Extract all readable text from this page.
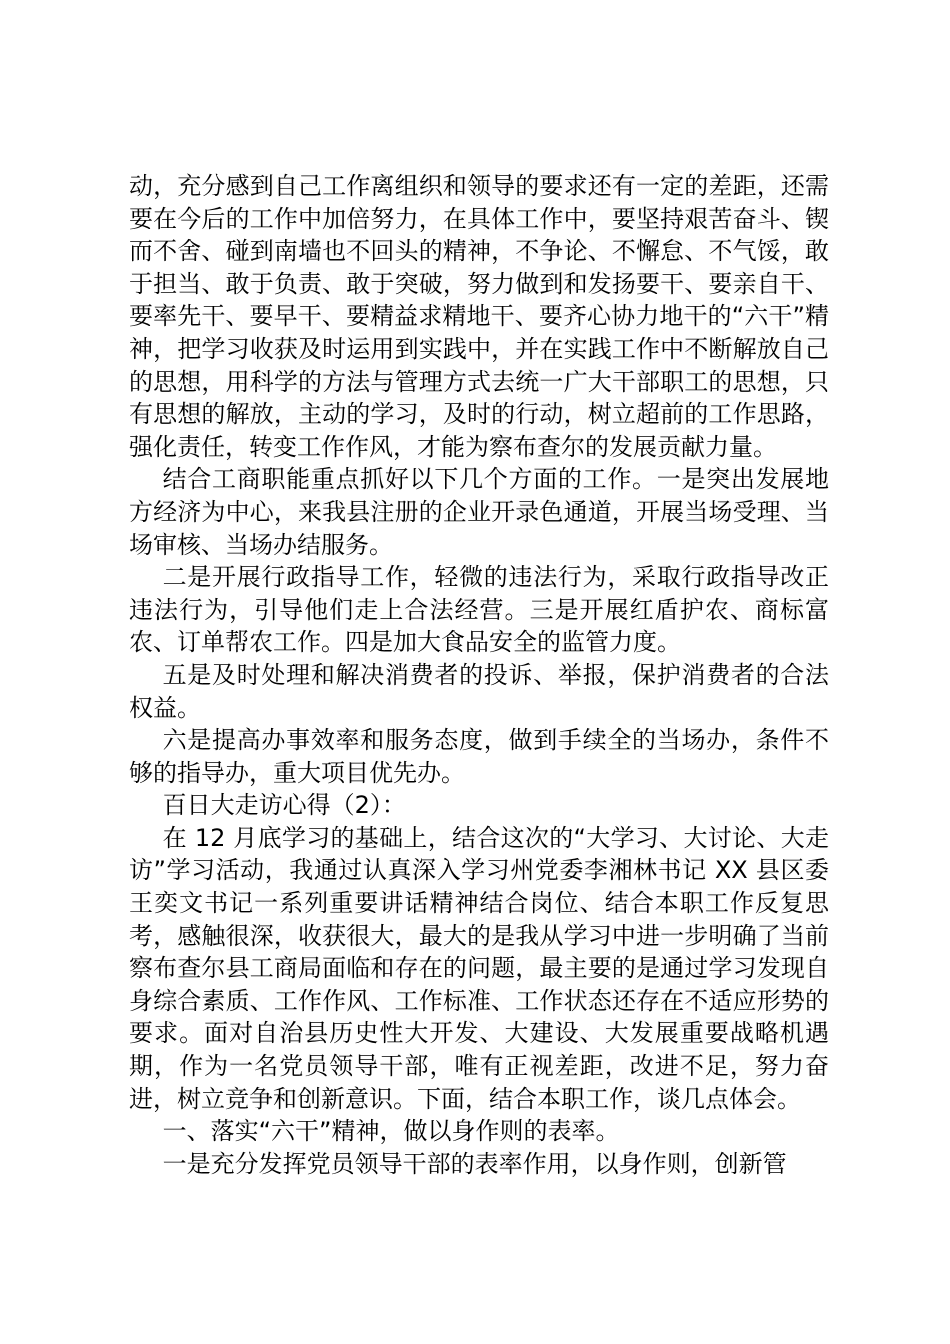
动，充分感到自己工作离组织和领导的要求还有一定的差距，还需要在今后的工作中加倍努力，在具体工作中，要坚持艰苦奋斗、锲而不舍、碰到南墙也不回头的精神，不争论、不懈怠、不气馁，敢于担当、敢于负责、敢于突破，努力做到和发扬要干、要亲自干、要率先干、要早干、要精益求精地干、要齐心协力地干的“六干”精神，把学习收获及时运用到实践中，并在实践工作中不断解放自己的思想，用科学的方法与管理方式去统一广大干部职工的思想，只有思想的解放，主动的学习，及时的行动，树立超前的工作思路，强化责任，转变工作作风，才能为察布查尔的发展贡献力量。

结合工商职能重点抓好以下几个方面的工作。一是突出发展地方经济为中心，来我县注册的企业开录色通道，开展当场受理、当场审核、当场办结服务。

二是开展行政指导工作，轻微的违法行为，采取行政指导改正违法行为，引导他们走上合法经营。三是开展红盾护农、商标富农、订单帮农工作。四是加大食品安全的监管力度。

五是及时处理和解决消费者的投诉、举报，保护消费者的合法权益。

六是提高办事效率和服务态度，做到手续全的当场办，条件不够的指导办，重大项目优先办。

百日大走访心得（2）：

在 12 月底学习的基础上，结合这次的“大学习、大讨论、大走访”学习活动，我通过认真深入学习州党委李湘林书记 XX 县区委王奕文书记一系列重要讲话精神结合岗位、结合本职工作反复思考，感触很深，收获很大，最大的是我从学习中进一步明确了当前察布查尔县工商局面临和存在的问题，最主要的是通过学习发现自身综合素质、工作作风、工作标准、工作状态还存在不适应形势的要求。面对自治县历史性大开发、大建设、大发展重要战略机遇期，作为一名党员领导干部，唯有正视差距，改进不足，努力奋进，树立竞争和创新意识。下面，结合本职工作，谈几点体会。

一、落实“六干”精神，做以身作则的表率。

一是充分发挥党员领导干部的表率作用，以身作则，创新管
